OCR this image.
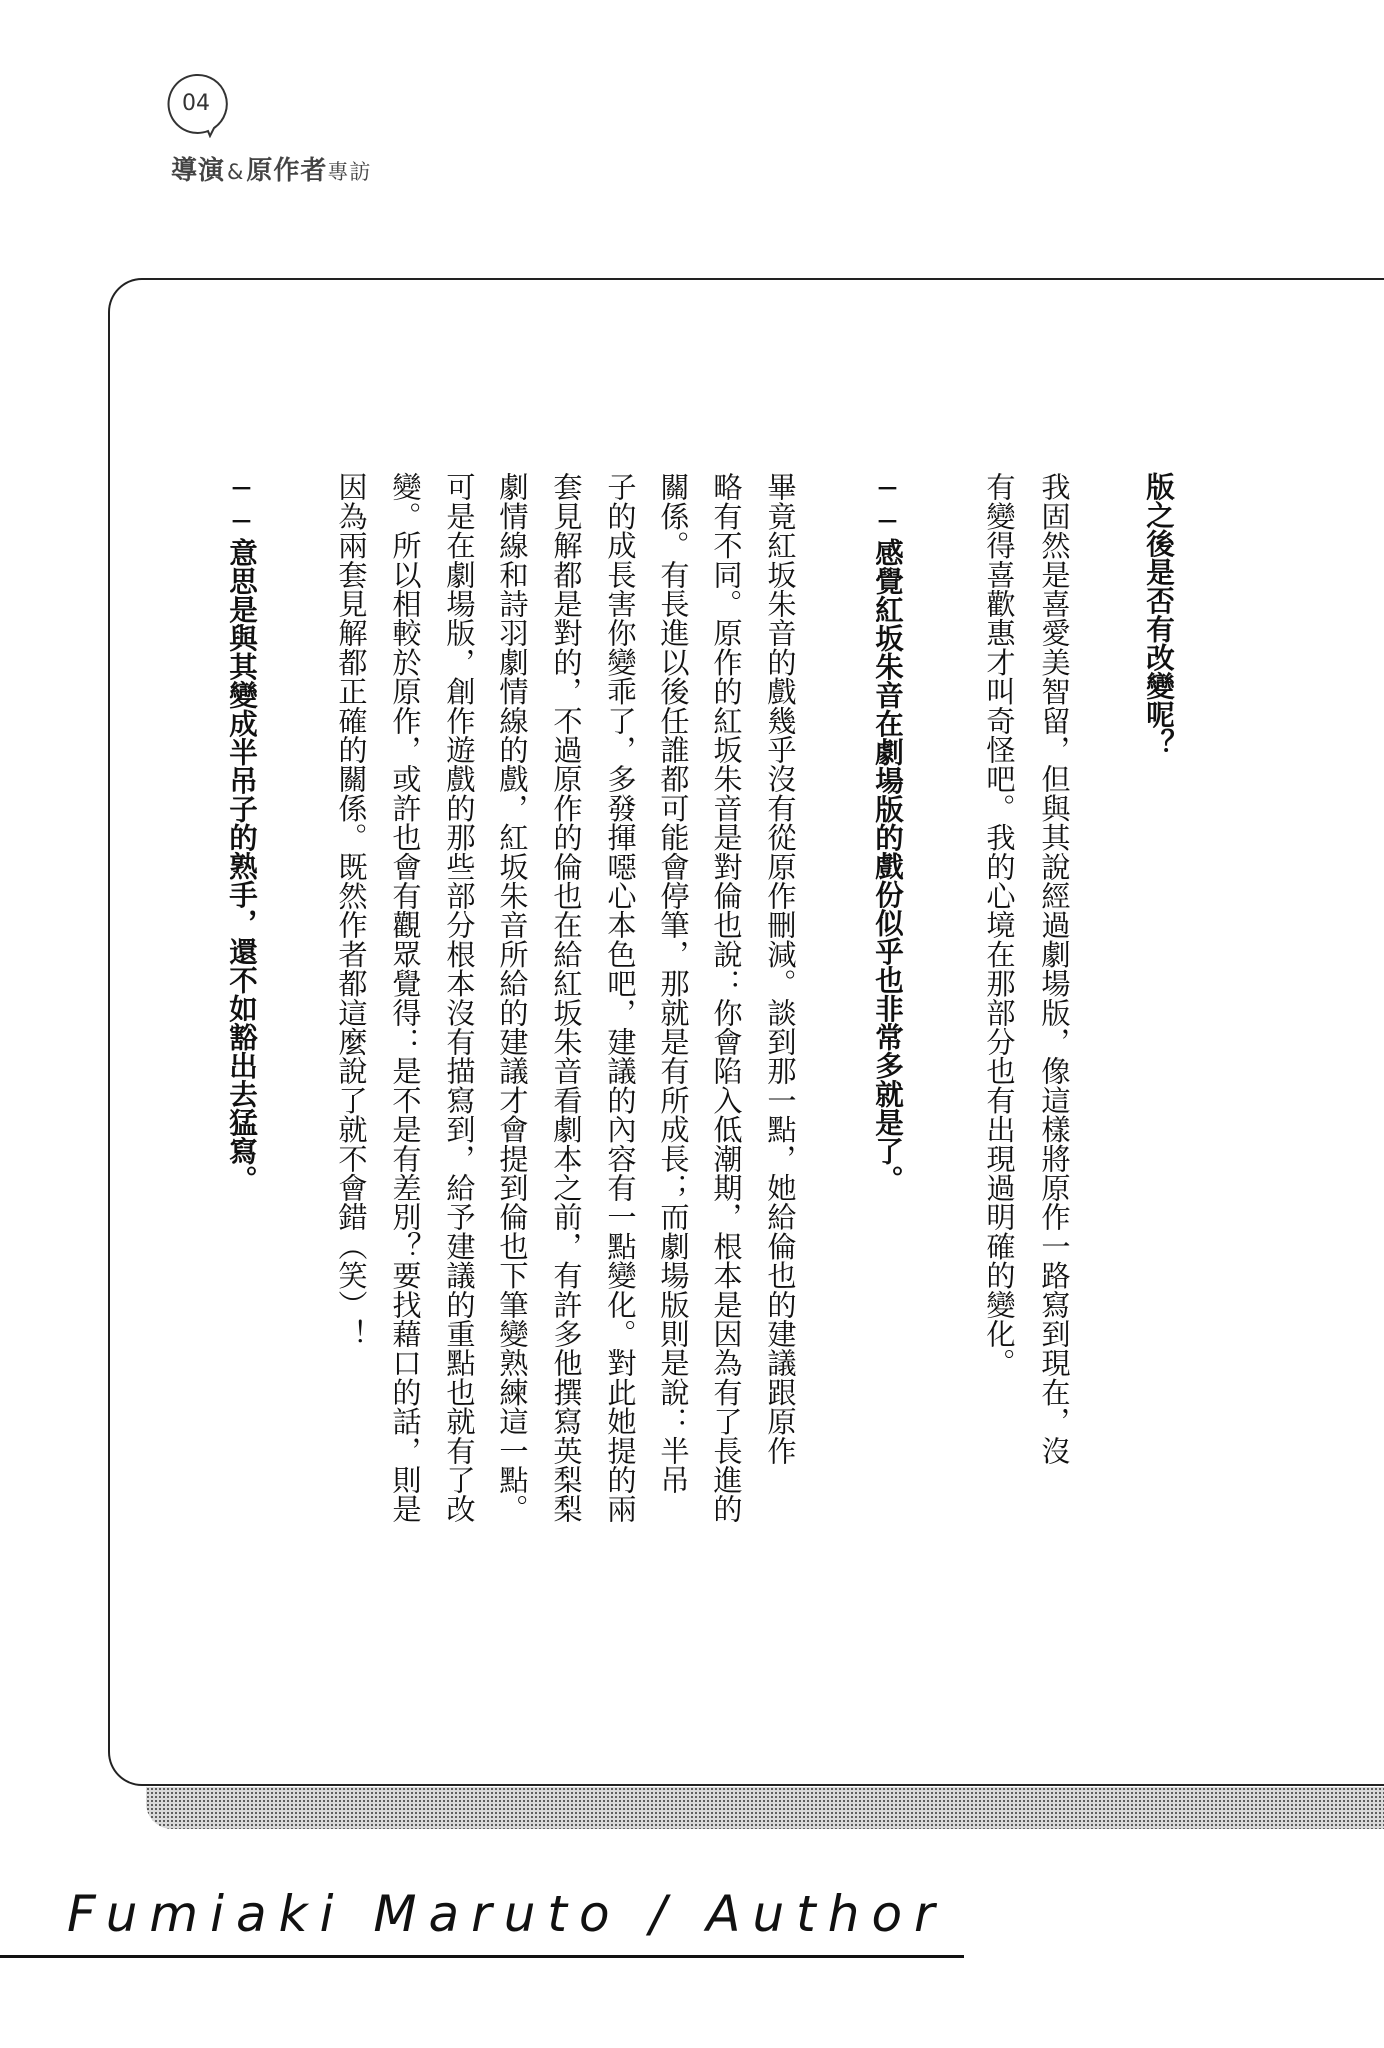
04
導演&原作者專訪
版之後是否有改變呢？
我固然是喜愛美智留，但與其說經過劇場版，像這樣將原作一路寫到現在，沒
有變得喜歡惠才叫奇怪吧。我的心境在那部分也有出現過明確的變化。
──感覺紅坂朱音在劇場版的戲份似乎也非常多就是了。
畢竟紅坂朱音的戲幾乎沒有從原作刪減。談到那一點，她給倫也的建議跟原作
略有不同。原作的紅坂朱音是對倫也說：你會陷入低潮期，根本是因為有了長進的
關係。有長進以後任誰都可能會停筆，那就是有所成長；而劇場版則是說：半吊
子的成長害你變乖了，多發揮噁心本色吧，建議的內容有一點變化。對此她提的兩
套見解都是對的，不過原作的倫也在給紅坂朱音看劇本之前，有許多他撰寫英梨梨
劇情線和詩羽劇情線的戲，紅坂朱音所給的建議才會提到倫也下筆變熟練這一點。
可是在劇場版，創作遊戲的那些部分根本沒有描寫到，給予建議的重點也就有了改
變。所以相較於原作，或許也會有觀眾覺得：是不是有差別？要找藉口的話，則是
因為兩套見解都正確的關係。既然作者都這麼說了就不會錯（笑）！
──意思是與其變成半吊子的熟手，還不如豁出去猛寫。
Fumiaki Maruto / Author
